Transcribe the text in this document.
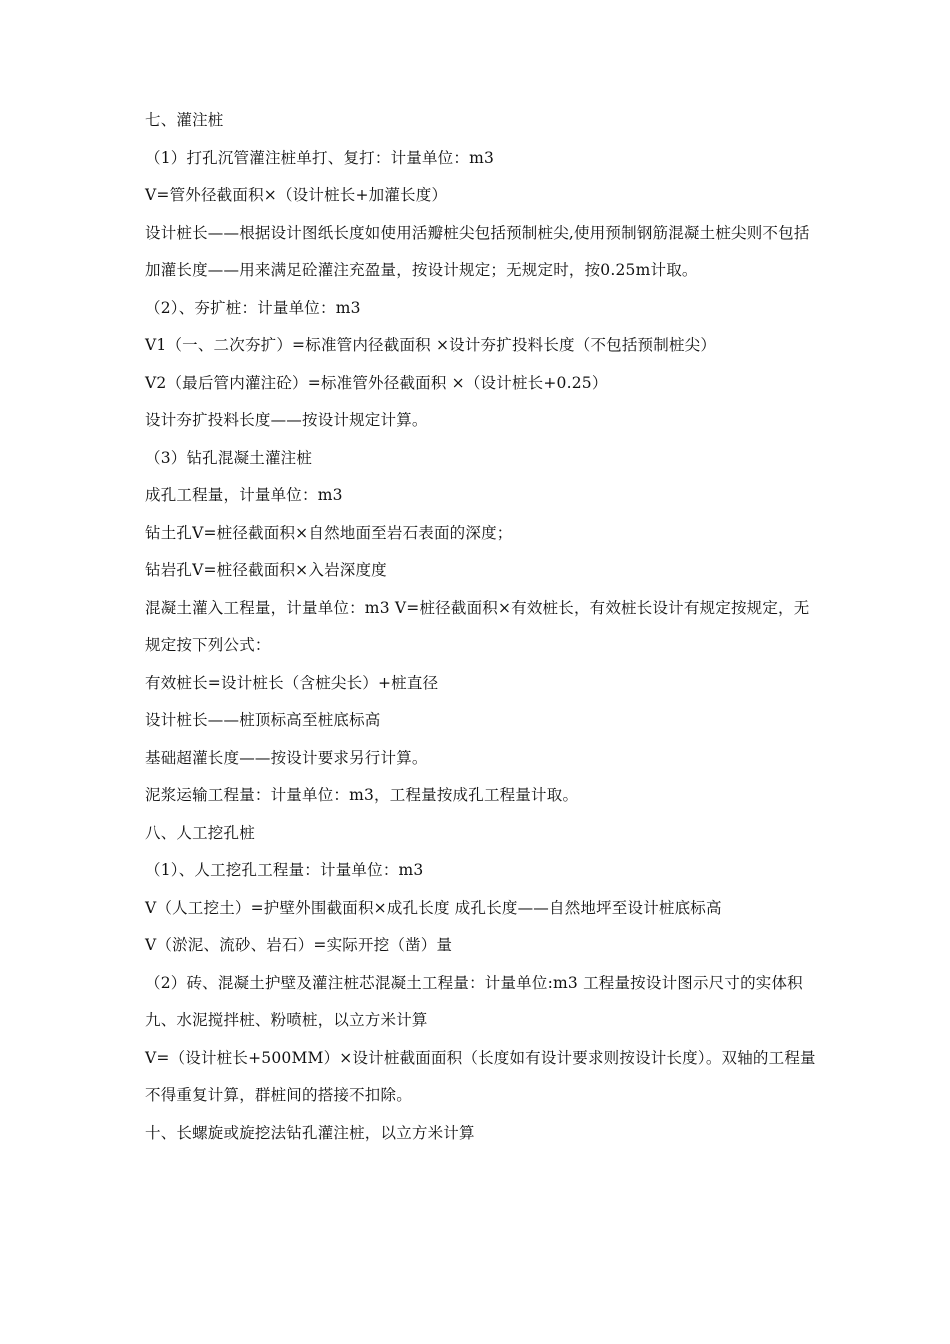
七、灌注桩

（1）打孔沉管灌注桩单打、复打：计量单位：m3

V=管外径截面积×（设计桩长+加灌长度）

设计桩长——根据设计图纸长度如使用活瓣桩尖包括预制桩尖,使用预制钢筋混凝土桩尖则不包括

加灌长度——用来满足砼灌注充盈量，按设计规定；无规定时，按0.25m计取。

（2）、夯扩桩：计量单位：m3

V1（一、二次夯扩）=标准管内径截面积 ×设计夯扩投料长度（不包括预制桩尖）

V2（最后管内灌注砼）=标准管外径截面积 ×（设计桩长+0.25）

设计夯扩投料长度——按设计规定计算。

（3）钻孔混凝土灌注桩

成孔工程量，计量单位：m3

钻土孔V=桩径截面积×自然地面至岩石表面的深度；

钻岩孔V=桩径截面积×入岩深度度

混凝土灌入工程量，计量单位：m3 V=桩径截面积×有效桩长，有效桩长设计有规定按规定，无规定按下列公式：

有效桩长=设计桩长（含桩尖长）+桩直径

设计桩长——桩顶标高至桩底标高

基础超灌长度——按设计要求另行计算。

泥浆运输工程量：计量单位：m3，工程量按成孔工程量计取。

八、人工挖孔桩

（1）、人工挖孔工程量：计量单位：m3

V（人工挖土）=护壁外围截面积×成孔长度 成孔长度——自然地坪至设计桩底标高

V（淤泥、流砂、岩石）=实际开挖（凿）量

（2）砖、混凝土护壁及灌注桩芯混凝土工程量：计量单位:m3 工程量按设计图示尺寸的实体积

九、水泥搅拌桩、粉喷桩，以立方米计算

V=（设计桩长+500MM）×设计桩截面面积（长度如有设计要求则按设计长度）。双轴的工程量不得重复计算，群桩间的搭接不扣除。

十、长螺旋或旋挖法钻孔灌注桩，以立方米计算
